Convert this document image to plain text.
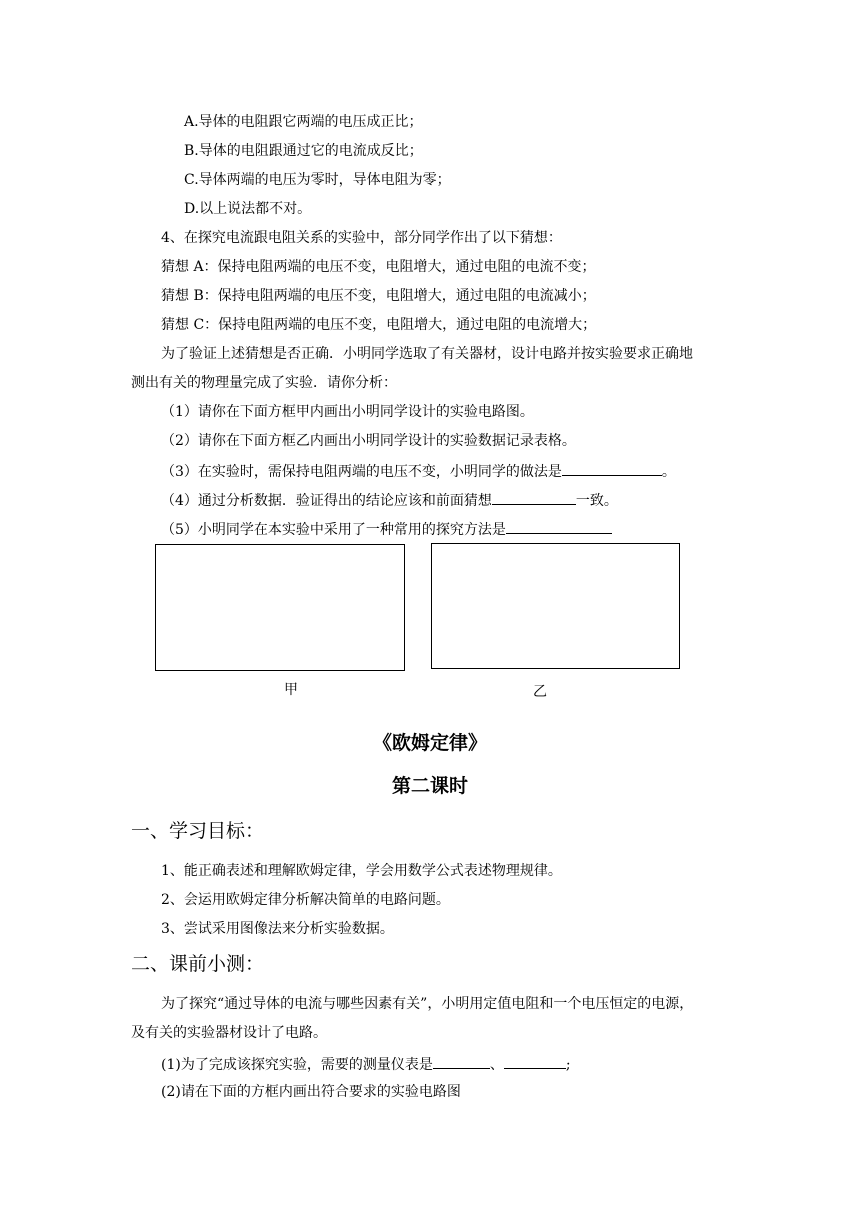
A.导体的电阻跟它两端的电压成正比；
B.导体的电阻跟通过它的电流成反比；
C.导体两端的电压为零时，导体电阻为零；
D.以上说法都不对。
4、在探究电流跟电阻关系的实验中，部分同学作出了以下猜想：
猜想 A：保持电阻两端的电压不变，电阻增大，通过电阻的电流不变；
猜想 B：保持电阻两端的电压不变，电阻增大，通过电阻的电流减小；
猜想 C：保持电阻两端的电压不变，电阻增大，通过电阻的电流增大；
为了验证上述猜想是否正确．小明同学选取了有关器材，设计电路并按实验要求正确地
测出有关的物理量完成了实验．请你分析：
（1）请你在下面方框甲内画出小明同学设计的实验电路图。
（2）请你在下面方框乙内画出小明同学设计的实验数据记录表格。
（3）在实验时，需保持电阻两端的电压不变，小明同学的做法是	。
（4）通过分析数据．验证得出的结论应该和前面猜想	一致。
（5）小明同学在本实验中采用了一种常用的探究方法是
甲	乙
《欧姆定律》
第二课时
一、学习目标：
1、能正确表述和理解欧姆定律，学会用数学公式表述物理规律。
2、会运用欧姆定律分析解决简单的电路问题。
3、尝试采用图像法来分析实验数据。
二、课前小测：
为了探究“通过导体的电流与哪些因素有关”，小明用定值电阻和一个电压恒定的电源，
及有关的实验器材设计了电路。
(1)为了完成该探究实验，需要的测量仪表是	、	;
(2)请在下面的方框内画出符合要求的实验电路图
